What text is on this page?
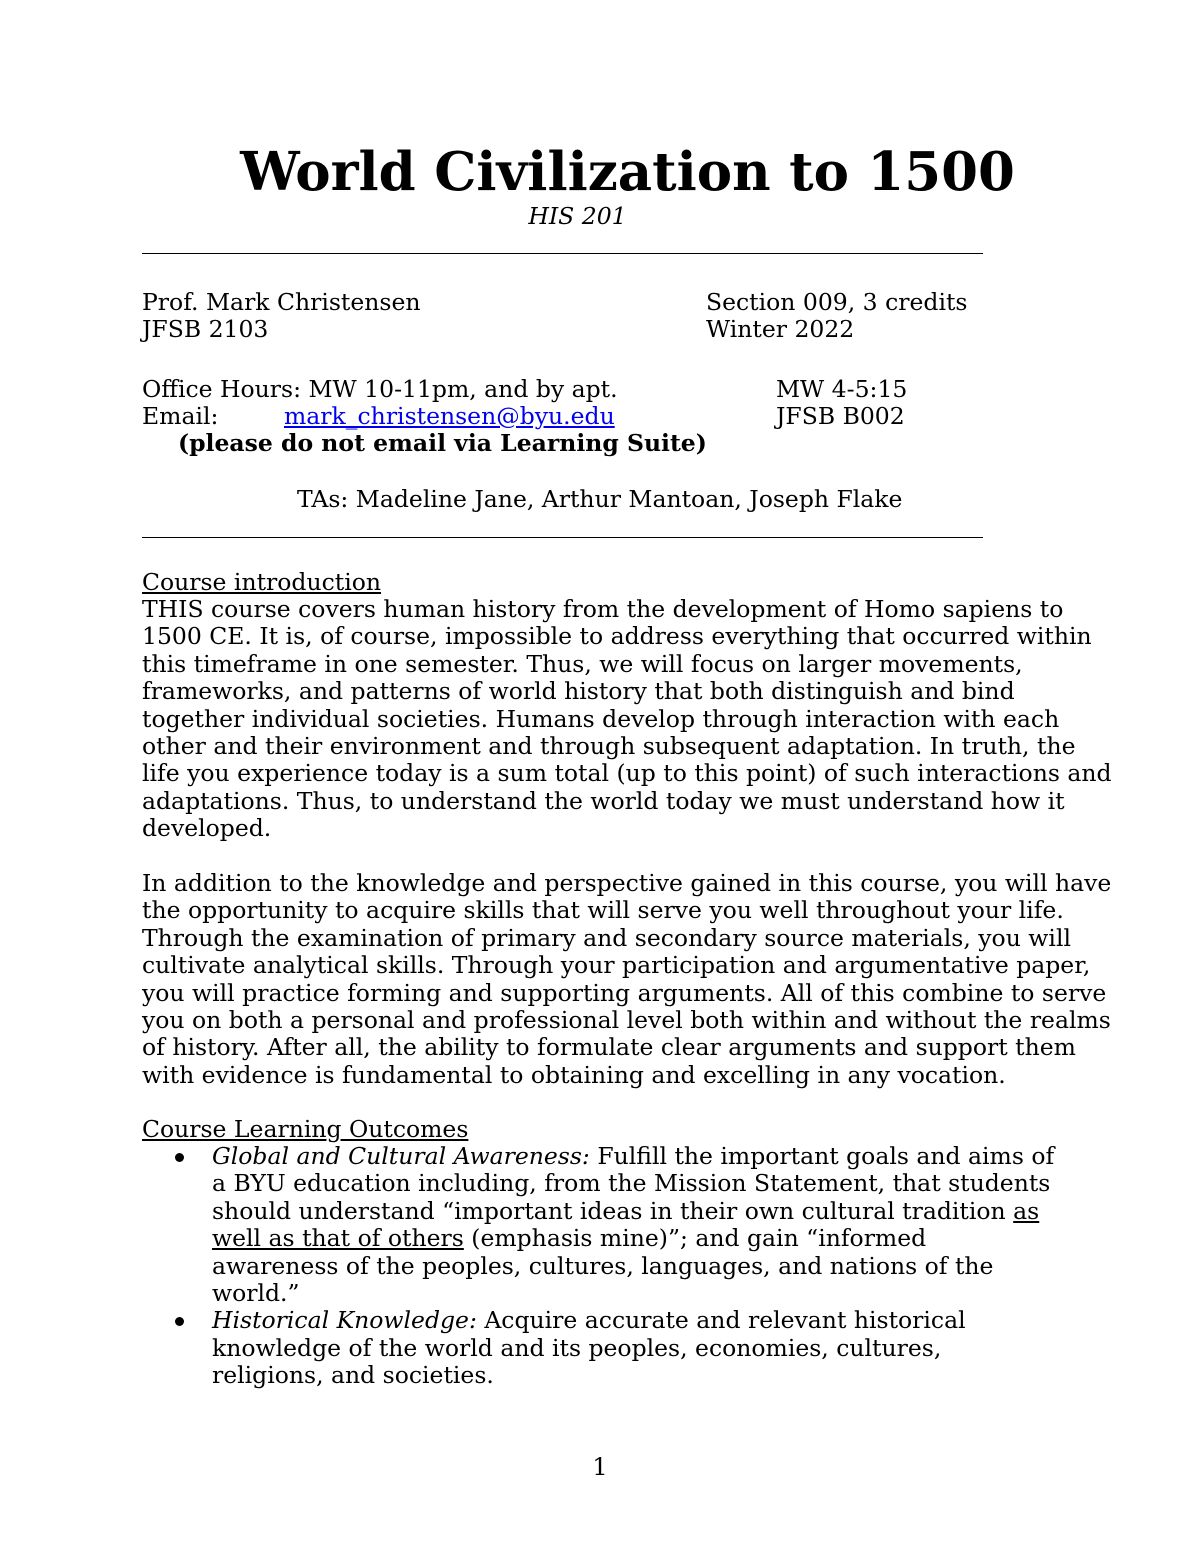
World Civilization to 1500
HIS 201
Prof. Mark Christensen
JFSB 2103
Section 009, 3 credits
Winter 2022
Office Hours: MW 10-11pm, and by apt.
Email:	mark_christensen@byu.edu
(please do not email via Learning Suite)
MW 4-5:15
JFSB B002
TAs: Madeline Jane, Arthur Mantoan, Joseph Flake
Course introduction
THIS course covers human history from the development of Homo sapiens to
1500 CE. It is, of course, impossible to address everything that occurred within
this timeframe in one semester. Thus, we will focus on larger movements,
frameworks, and patterns of world history that both distinguish and bind
together individual societies. Humans develop through interaction with each
other and their environment and through subsequent adaptation. In truth, the
life you experience today is a sum total (up to this point) of such interactions and
adaptations. Thus, to understand the world today we must understand how it
developed.
In addition to the knowledge and perspective gained in this course, you will have
the opportunity to acquire skills that will serve you well throughout your life.
Through the examination of primary and secondary source materials, you will
cultivate analytical skills. Through your participation and argumentative paper,
you will practice forming and supporting arguments. All of this combine to serve
you on both a personal and professional level both within and without the realms
of history. After all, the ability to formulate clear arguments and support them
with evidence is fundamental to obtaining and excelling in any vocation.
Course Learning Outcomes
Global and Cultural Awareness: Fulfill the important goals and aims of
a BYU education including, from the Mission Statement, that students
should understand “important ideas in their own cultural tradition as
well as that of others (emphasis mine)”; and gain “informed
awareness of the peoples, cultures, languages, and nations of the
world.”
Historical Knowledge: Acquire accurate and relevant historical
knowledge of the world and its peoples, economies, cultures,
religions, and societies.
1
